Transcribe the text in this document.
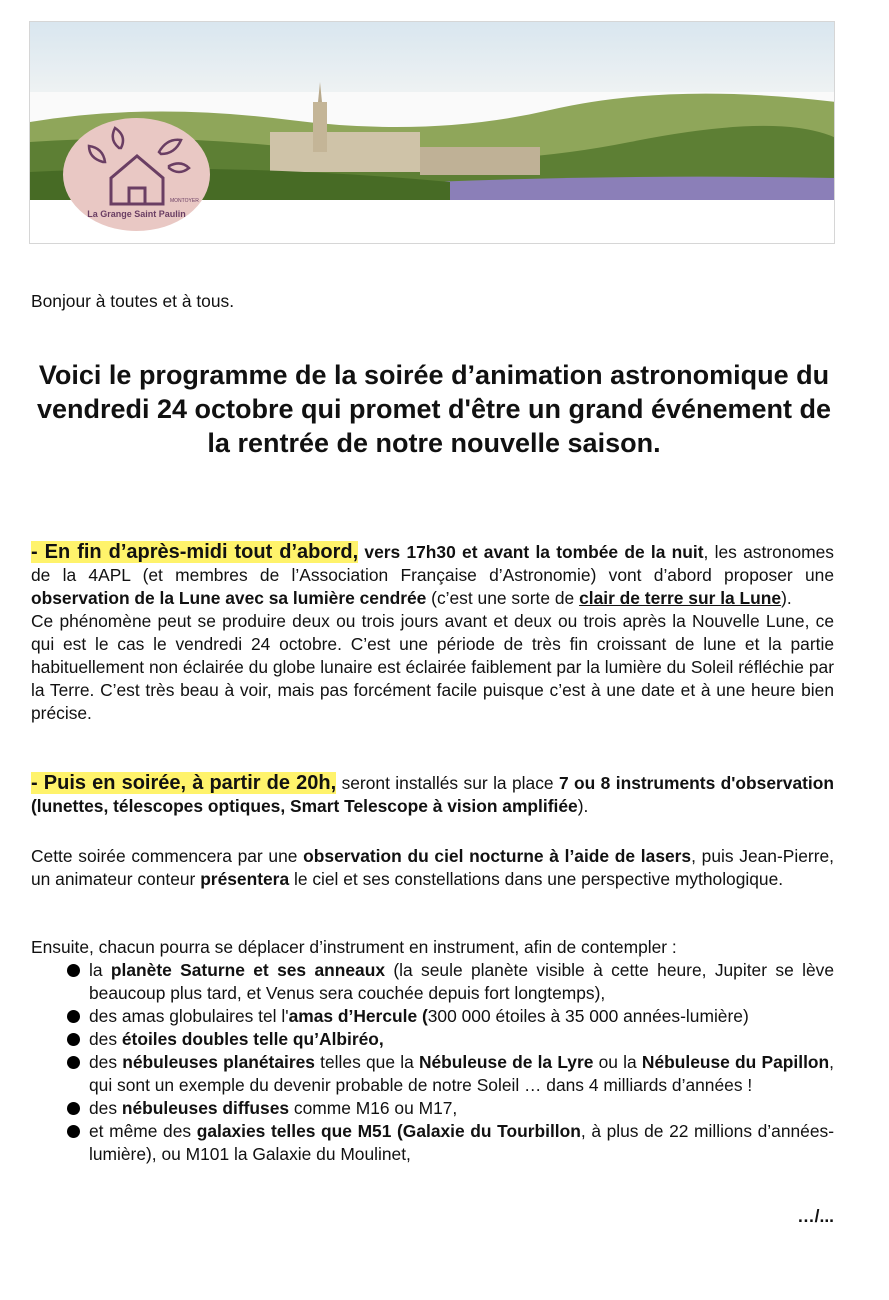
La Grange Saint Paulin
MONTOYER
Bonjour à toutes et à tous.
Voici le programme de la soirée d’animation astronomique du vendredi 24 octobre qui promet d'être un grand événement de la rentrée de notre nouvelle saison.

- En fin d’après-midi tout d’abord, vers 17h30 et avant la tombée de la nuit, les astronomes de la 4APL (et membres de l’Association Française d’Astronomie) vont d’abord proposer une observation de la Lune avec sa lumière cendrée (c’est une sorte de clair de terre sur la Lune).

Ce phénomène peut se produire deux ou trois jours avant et deux ou trois après la Nouvelle Lune, ce qui est le cas le vendredi 24 octobre. C’est une période de très fin croissant de lune et la partie habituellement non éclairée du globe lunaire est éclairée faiblement par la lumière du Soleil réfléchie par la Terre. C’est très beau à voir, mais pas forcément facile puisque c’est à une date et à une heure bien précise.

- Puis en soirée, à partir de 20h, seront installés sur la place 7 ou 8 instruments d'observation (lunettes, télescopes optiques, Smart Telescope à vision amplifiée).

Cette soirée commencera par une observation du ciel nocturne à l’aide de lasers, puis Jean-Pierre, un animateur conteur présentera le ciel et ses constellations dans une perspective mythologique.

Ensuite, chacun pourra se déplacer d’instrument en instrument, afin de contempler :
la planète Saturne et ses anneaux (la seule planète visible à cette heure, Jupiter se lève beaucoup plus tard, et Venus sera couchée depuis fort longtemps),
des amas globulaires tel l'amas d’Hercule (300 000 étoiles à 35 000 années-lumière)
des étoiles doubles telle qu’Albiréo,
des nébuleuses planétaires telles que la Nébuleuse de la Lyre ou la Nébuleuse du Papillon, qui sont un exemple du devenir probable de notre Soleil … dans 4 milliards d’années !
des nébuleuses diffuses comme M16 ou M17,
et même des galaxies telles que M51 (Galaxie du Tourbillon, à plus de 22 millions d’années-lumière), ou M101 la Galaxie du Moulinet,
…/...
